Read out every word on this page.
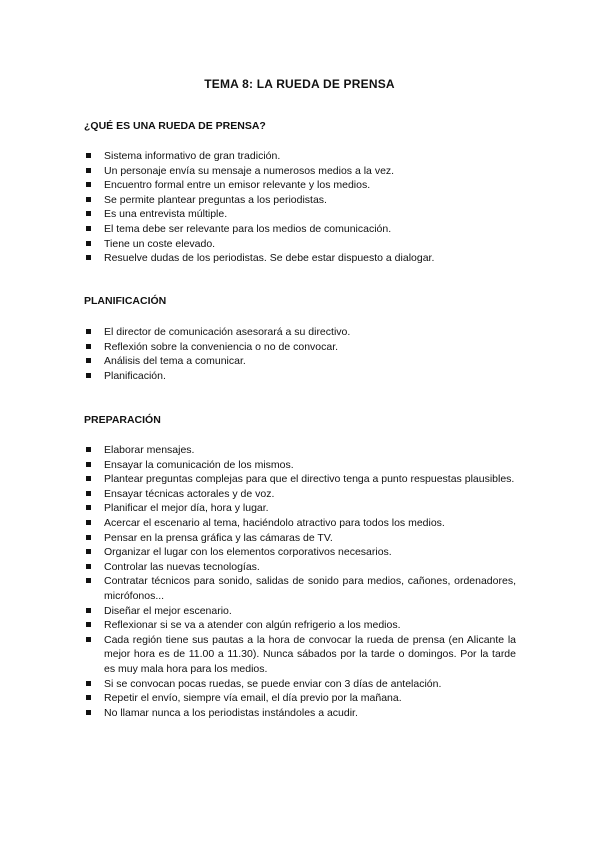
TEMA 8: LA RUEDA DE PRENSA
¿QUÉ ES UNA RUEDA DE PRENSA?
Sistema informativo de gran tradición.
Un personaje envía su mensaje a numerosos medios a la vez.
Encuentro formal entre un emisor relevante y los medios.
Se permite plantear preguntas a los periodistas.
Es una entrevista múltiple.
El tema debe ser relevante para los medios de comunicación.
Tiene un coste elevado.
Resuelve dudas de los periodistas. Se debe estar dispuesto a dialogar.
PLANIFICACIÓN
El director de comunicación asesorará a su directivo.
Reflexión sobre la conveniencia o no de convocar.
Análisis del tema a comunicar.
Planificación.
PREPARACIÓN
Elaborar mensajes.
Ensayar la comunicación de los mismos.
Plantear preguntas complejas para que el directivo tenga a punto respuestas plausibles.
Ensayar técnicas actorales y de voz.
Planificar el mejor día, hora y lugar.
Acercar el escenario al tema, haciéndolo atractivo para todos los medios.
Pensar en la prensa gráfica y las cámaras de TV.
Organizar el lugar con los elementos corporativos necesarios.
Controlar las nuevas tecnologías.
Contratar técnicos para sonido, salidas de sonido para medios, cañones, ordenadores, micrófonos...
Diseñar el mejor escenario.
Reflexionar si se va a atender con algún refrigerio a los medios.
Cada región tiene sus pautas a la hora de convocar la rueda de prensa (en Alicante la mejor hora es de 11.00 a 11.30). Nunca sábados por la tarde o domingos. Por la tarde es muy mala hora para los medios.
Si se convocan pocas ruedas, se puede enviar con 3 días de antelación.
Repetir el envío, siempre vía email, el día previo por la mañana.
No llamar nunca a los periodistas instándoles a acudir.
